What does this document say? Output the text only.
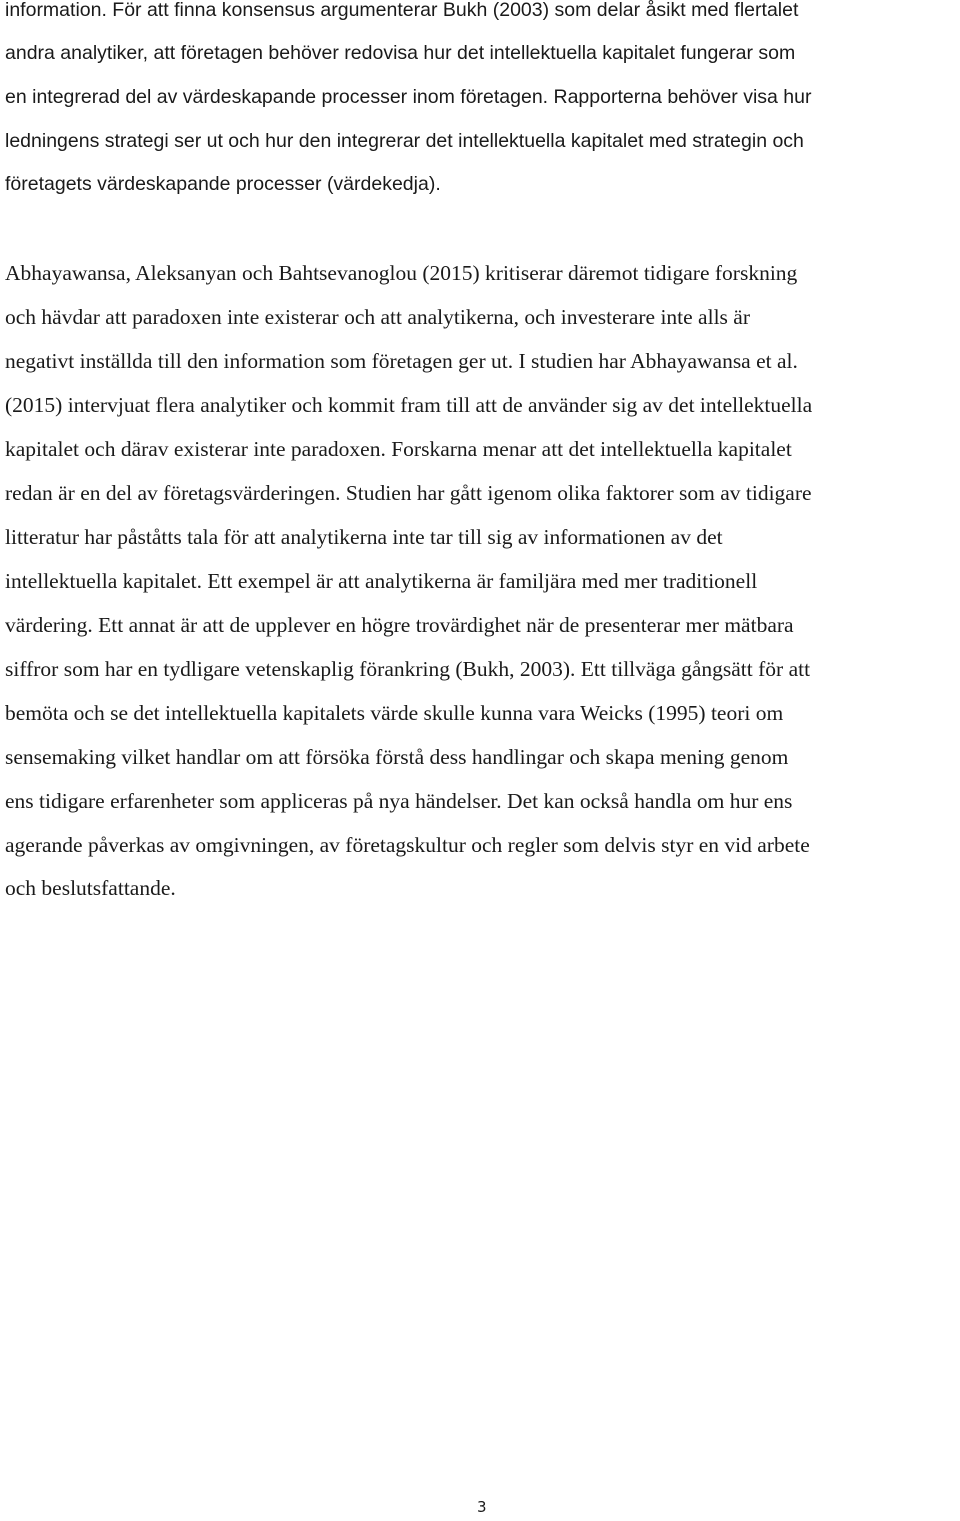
information. För att finna konsensus argumenterar Bukh (2003) som delar åsikt med flertalet
andra analytiker, att företagen behöver redovisa hur det intellektuella kapitalet fungerar som
en integrerad del av värdeskapande processer inom företagen. Rapporterna behöver visa hur
ledningens strategi ser ut och hur den integrerar det intellektuella kapitalet med strategin och
företagets värdeskapande processer (värdekedja).
Abhayawansa, Aleksanyan och Bahtsevanoglou (2015) kritiserar däremot tidigare forskning
och hävdar att paradoxen inte existerar och att analytikerna, och investerare inte alls är
negativt inställda till den information som företagen ger ut. I studien har Abhayawansa et al.
(2015) intervjuat flera analytiker och kommit fram till att de använder sig av det intellektuella
kapitalet och därav existerar inte paradoxen. Forskarna menar att det intellektuella kapitalet
redan är en del av företagsvärderingen. Studien har gått igenom olika faktorer som av tidigare
litteratur har påståtts tala för att analytikerna inte tar till sig av informationen av det
intellektuella kapitalet. Ett exempel är att analytikerna är familjära med mer traditionell
värdering. Ett annat är att de upplever en högre trovärdighet när de presenterar mer mätbara
siffror som har en tydligare vetenskaplig förankring (Bukh, 2003). Ett tillväga gångsätt för att
bemöta och se det intellektuella kapitalets värde skulle kunna vara Weicks (1995) teori om
sensemaking vilket handlar om att försöka förstå dess handlingar och skapa mening genom
ens tidigare erfarenheter som appliceras på nya händelser. Det kan också handla om hur ens
agerande påverkas av omgivningen, av företagskultur och regler som delvis styr en vid arbete
och beslutsfattande.
3
